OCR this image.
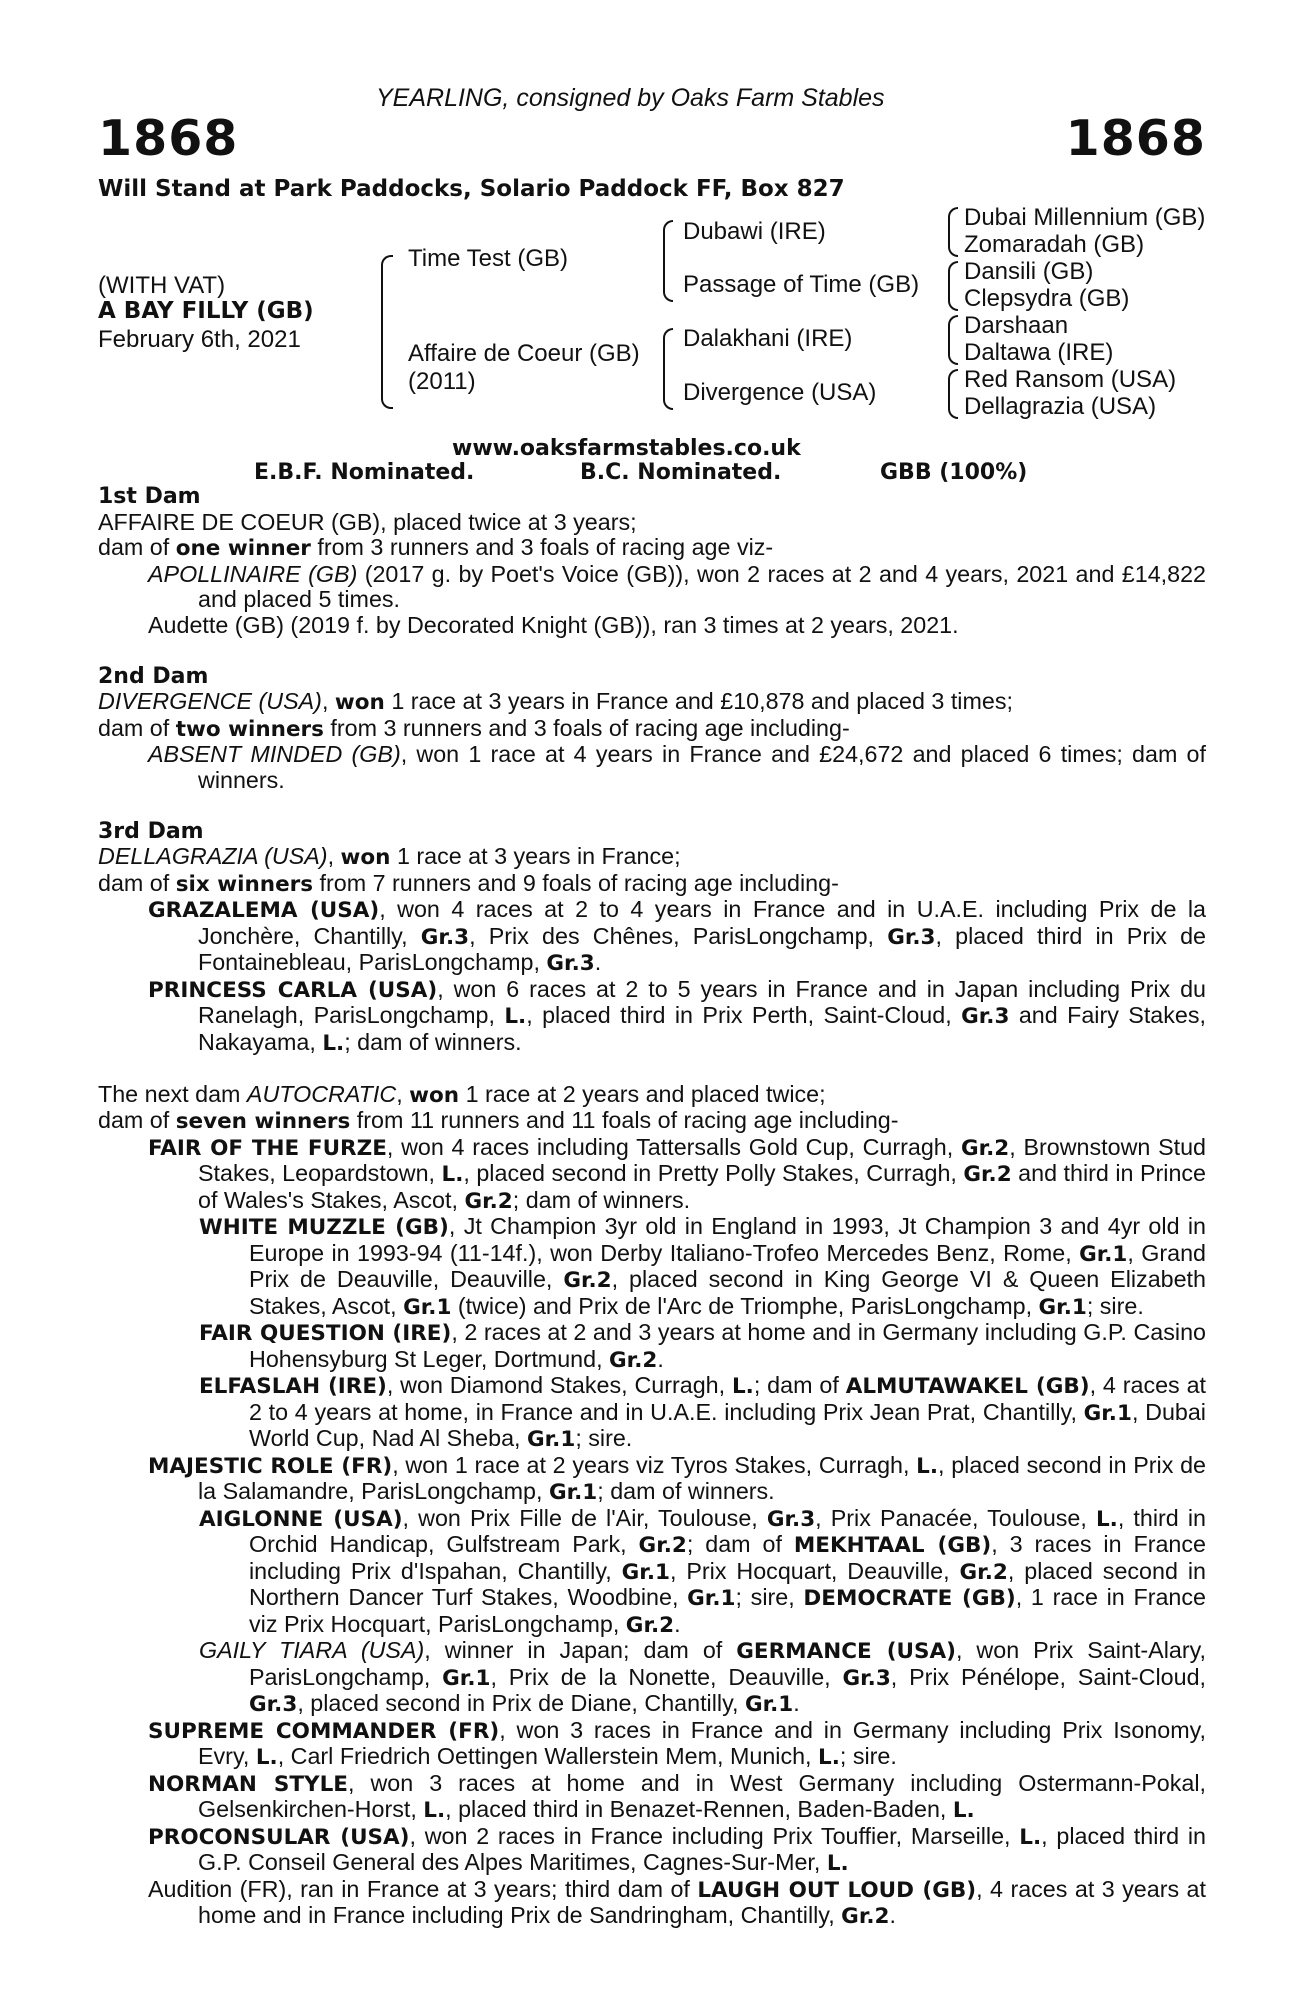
YEARLING, consigned by Oaks Farm Stables
1868	1868
Will Stand at Park Paddocks, Solario Paddock FF, Box 827
(WITH VAT)
A BAY FILLY (GB)
February 6th, 2021
Time Test (GB)
Affaire de Coeur (GB)
(2011)
Dubawi (IRE)
Passage of Time (GB)
Dalakhani (IRE)
Divergence (USA)
Dubai Millennium (GB)
Zomaradah (GB)
Dansili (GB)
Clepsydra (GB)
Darshaan
Daltawa (IRE)
Red Ransom (USA)
Dellagrazia (USA)
www.oaksfarmstables.co.uk
E.B.F. Nominated.	B.C. Nominated.	GBB (100%)
1st Dam
AFFAIRE DE COEUR (GB), placed twice at 3 years;
dam of one winner from 3 runners and 3 foals of racing age viz-
APOLLINAIRE (GB) (2017 g. by Poet's Voice (GB)), won 2 races at 2 and 4 years, 2021 and £14,822 and placed 5 times.
Audette (GB) (2019 f. by Decorated Knight (GB)), ran 3 times at 2 years, 2021.
2nd Dam
DIVERGENCE (USA), won 1 race at 3 years in France and £10,878 and placed 3 times;
dam of two winners from 3 runners and 3 foals of racing age including-
ABSENT MINDED (GB), won 1 race at 4 years in France and £24,672 and placed 6 times; dam of winners.
3rd Dam
DELLAGRAZIA (USA), won 1 race at 3 years in France;
dam of six winners from 7 runners and 9 foals of racing age including-
GRAZALEMA (USA), won 4 races at 2 to 4 years in France and in U.A.E. including Prix de la Jonchère, Chantilly, Gr.3, Prix des Chênes, ParisLongchamp, Gr.3, placed third in Prix de Fontainebleau, ParisLongchamp, Gr.3.
PRINCESS CARLA (USA), won 6 races at 2 to 5 years in France and in Japan including Prix du Ranelagh, ParisLongchamp, L., placed third in Prix Perth, Saint-Cloud, Gr.3 and Fairy Stakes, Nakayama, L.; dam of winners.
The next dam AUTOCRATIC, won 1 race at 2 years and placed twice;
dam of seven winners from 11 runners and 11 foals of racing age including-
FAIR OF THE FURZE, won 4 races including Tattersalls Gold Cup, Curragh, Gr.2, Brownstown Stud Stakes, Leopardstown, L., placed second in Pretty Polly Stakes, Curragh, Gr.2 and third in Prince of Wales's Stakes, Ascot, Gr.2; dam of winners.
WHITE MUZZLE (GB), Jt Champion 3yr old in England in 1993, Jt Champion 3 and 4yr old in Europe in 1993-94 (11-14f.), won Derby Italiano-Trofeo Mercedes Benz, Rome, Gr.1, Grand Prix de Deauville, Deauville, Gr.2, placed second in King George VI & Queen Elizabeth Stakes, Ascot, Gr.1 (twice) and Prix de l'Arc de Triomphe, ParisLongchamp, Gr.1; sire.
FAIR QUESTION (IRE), 2 races at 2 and 3 years at home and in Germany including G.P. Casino Hohensyburg St Leger, Dortmund, Gr.2.
ELFASLAH (IRE), won Diamond Stakes, Curragh, L.; dam of ALMUTAWAKEL (GB), 4 races at 2 to 4 years at home, in France and in U.A.E. including Prix Jean Prat, Chantilly, Gr.1, Dubai World Cup, Nad Al Sheba, Gr.1; sire.
MAJESTIC ROLE (FR), won 1 race at 2 years viz Tyros Stakes, Curragh, L., placed second in Prix de la Salamandre, ParisLongchamp, Gr.1; dam of winners.
AIGLONNE (USA), won Prix Fille de l'Air, Toulouse, Gr.3, Prix Panacée, Toulouse, L., third in Orchid Handicap, Gulfstream Park, Gr.2; dam of MEKHTAAL (GB), 3 races in France including Prix d'Ispahan, Chantilly, Gr.1, Prix Hocquart, Deauville, Gr.2, placed second in Northern Dancer Turf Stakes, Woodbine, Gr.1; sire, DEMOCRATE (GB), 1 race in France viz Prix Hocquart, ParisLongchamp, Gr.2.
GAILY TIARA (USA), winner in Japan; dam of GERMANCE (USA), won Prix Saint-Alary, ParisLongchamp, Gr.1, Prix de la Nonette, Deauville, Gr.3, Prix Pénélope, Saint-Cloud, Gr.3, placed second in Prix de Diane, Chantilly, Gr.1.
SUPREME COMMANDER (FR), won 3 races in France and in Germany including Prix Isonomy, Evry, L., Carl Friedrich Oettingen Wallerstein Mem, Munich, L.; sire.
NORMAN STYLE, won 3 races at home and in West Germany including Ostermann-Pokal, Gelsenkirchen-Horst, L., placed third in Benazet-Rennen, Baden-Baden, L.
PROCONSULAR (USA), won 2 races in France including Prix Touffier, Marseille, L., placed third in G.P. Conseil General des Alpes Maritimes, Cagnes-Sur-Mer, L.
Audition (FR), ran in France at 3 years; third dam of LAUGH OUT LOUD (GB), 4 races at 3 years at home and in France including Prix de Sandringham, Chantilly, Gr.2.
